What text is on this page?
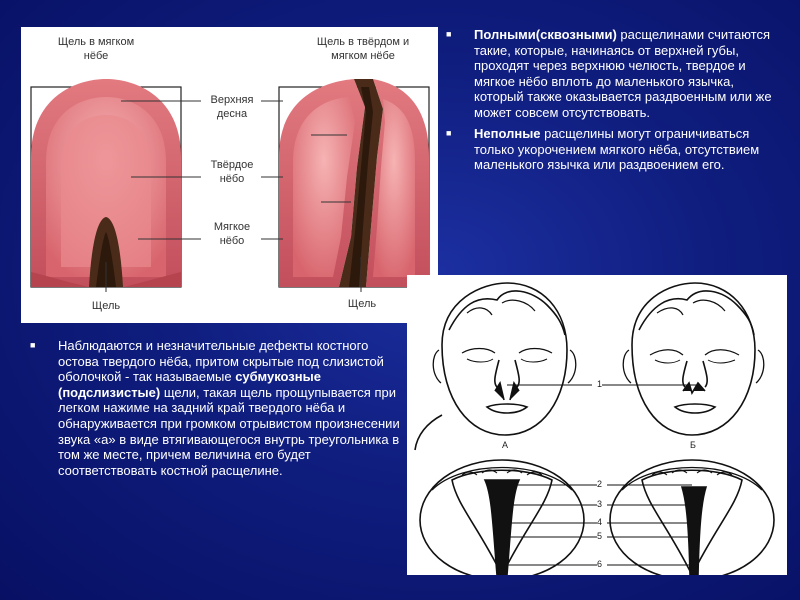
Щель в мягком
нёбе
Щель в твёрдом и
мягком нёбе
Верхняя
десна
Твёрдое
нёбо
Мягкое
нёбо
Щель	Щель
■ Полными(сквозными) расщелинами считаются такие, которые, начинаясь от верхней губы, проходят через верхнюю челюсть, твердое и мягкое нёбо вплоть до маленького язычка, который также оказывается раздвоенным или же может совсем отсутствовать.
■ Неполные расщелины могут ограничиваться только укорочением мягкого нёба, отсутствием маленького язычка или раздвоением его.
■ Наблюдаются и незначительные дефекты костного остова твердого нёба, притом скрытые под слизистой оболочкой - так называемые субмукозные (подслизистые) щели, такая щель прощупывается при легком нажиме на задний край твердого нёба и обнаруживается при громком отрывистом произнесении звука «а» в виде втягивающегося внутрь треугольника в том же месте, причем величина его будет соответствовать костной расщелине.
А	Б
1
2
3
4
5
6
